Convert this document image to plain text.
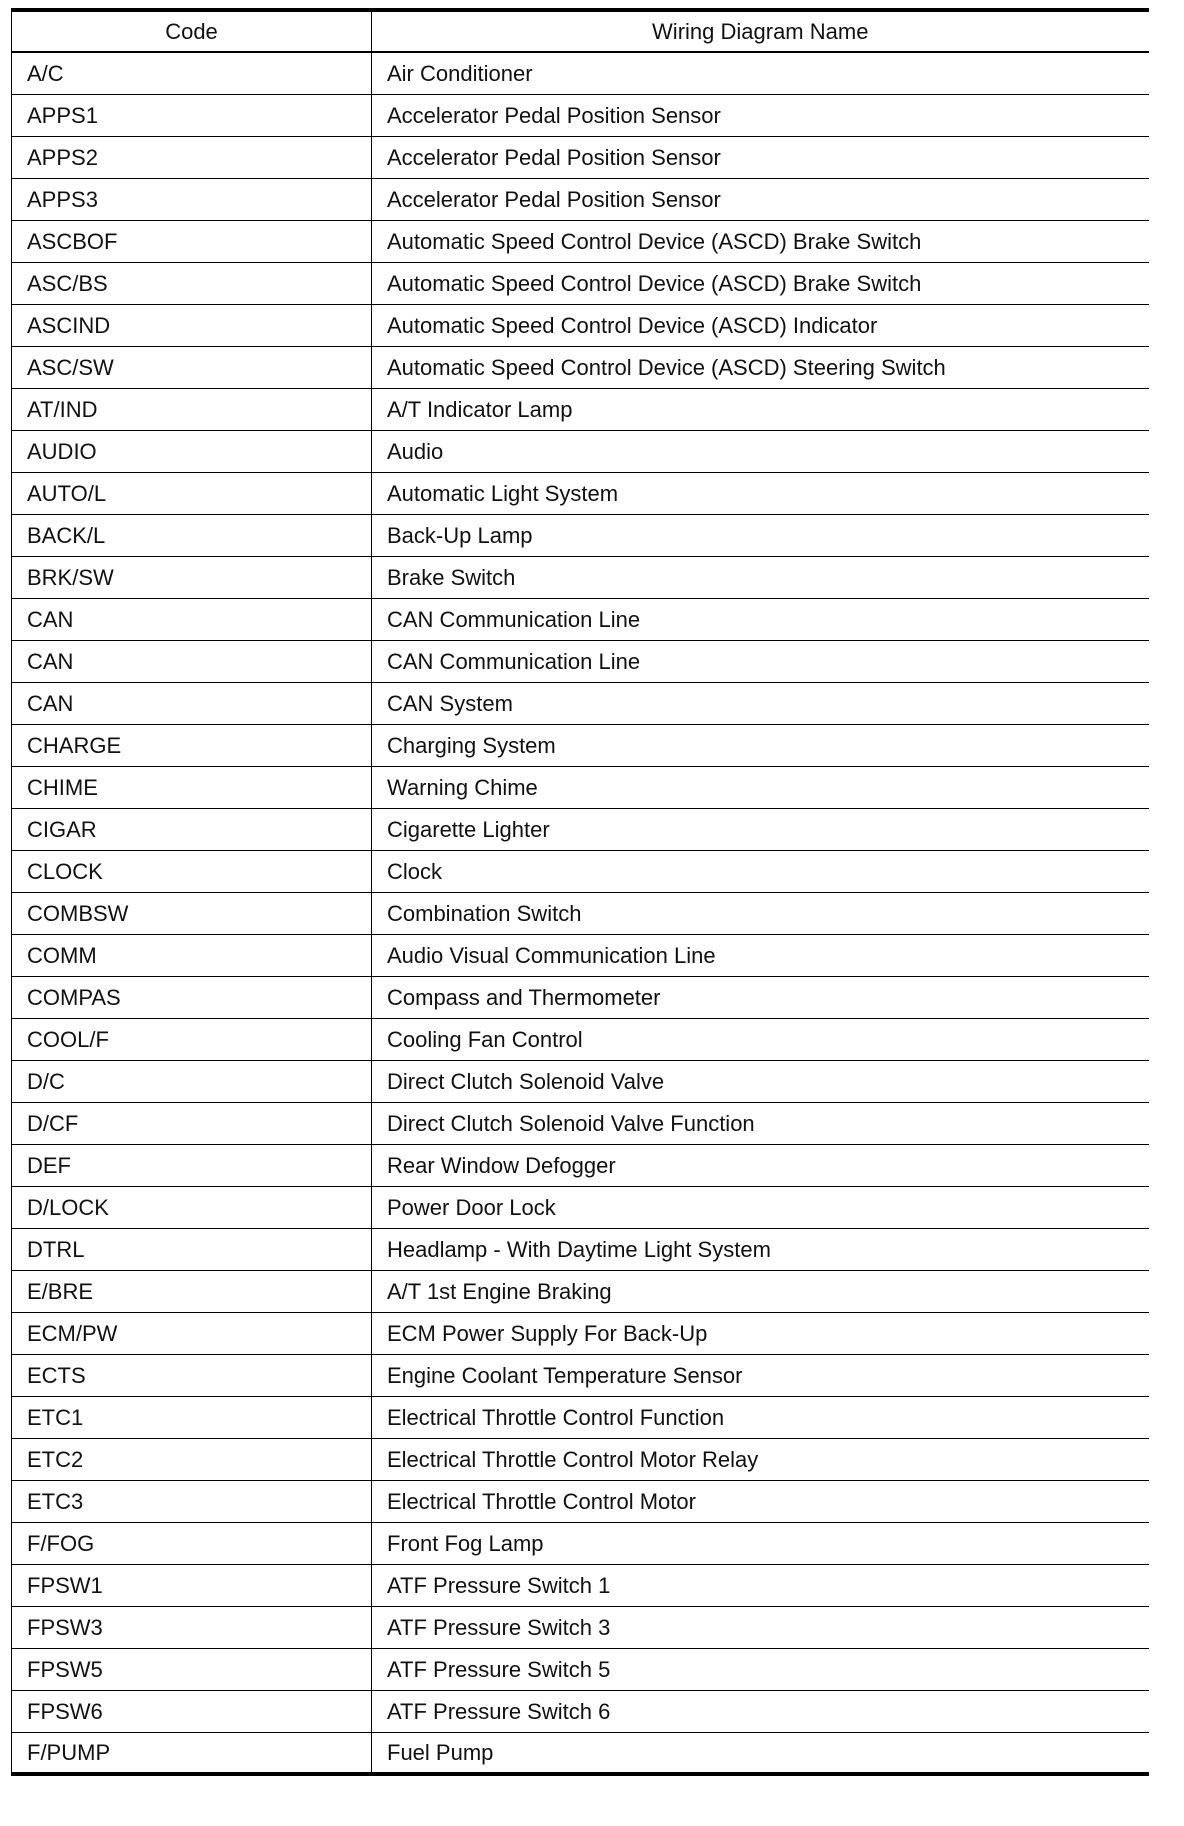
Code	Wiring Diagram Name
A/C	Air Conditioner
APPS1	Accelerator Pedal Position Sensor
APPS2	Accelerator Pedal Position Sensor
APPS3	Accelerator Pedal Position Sensor
ASCBOF	Automatic Speed Control Device (ASCD) Brake Switch
ASC/BS	Automatic Speed Control Device (ASCD) Brake Switch
ASCIND	Automatic Speed Control Device (ASCD) Indicator
ASC/SW	Automatic Speed Control Device (ASCD) Steering Switch
AT/IND	A/T Indicator Lamp
AUDIO	Audio
AUTO/L	Automatic Light System
BACK/L	Back-Up Lamp
BRK/SW	Brake Switch
CAN	CAN Communication Line
CAN	CAN Communication Line
CAN	CAN System
CHARGE	Charging System
CHIME	Warning Chime
CIGAR	Cigarette Lighter
CLOCK	Clock
COMBSW	Combination Switch
COMM	Audio Visual Communication Line
COMPAS	Compass and Thermometer
COOL/F	Cooling Fan Control
D/C	Direct Clutch Solenoid Valve
D/CF	Direct Clutch Solenoid Valve Function
DEF	Rear Window Defogger
D/LOCK	Power Door Lock
DTRL	Headlamp - With Daytime Light System
E/BRE	A/T 1st Engine Braking
ECM/PW	ECM Power Supply For Back-Up
ECTS	Engine Coolant Temperature Sensor
ETC1	Electrical Throttle Control Function
ETC2	Electrical Throttle Control Motor Relay
ETC3	Electrical Throttle Control Motor
F/FOG	Front Fog Lamp
FPSW1	ATF Pressure Switch 1
FPSW3	ATF Pressure Switch 3
FPSW5	ATF Pressure Switch 5
FPSW6	ATF Pressure Switch 6
F/PUMP	Fuel Pump
